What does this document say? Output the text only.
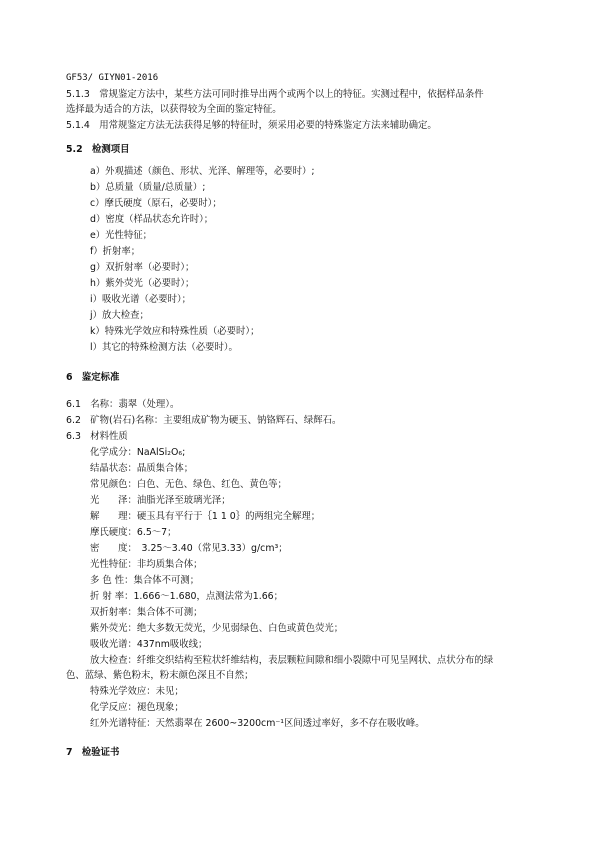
GF53/ GIYN01-2016
5.1.3　常规鉴定方法中，某些方法可同时推导出两个或两个以上的特征。实测过程中，依据样品条件
选择最为适合的方法，以获得较为全面的鉴定特征。
5.1.4　用常规鉴定方法无法获得足够的特征时，须采用必要的特殊鉴定方法来辅助确定。
5.2　检测项目
a）外观描述（颜色、形状、光泽、解理等，必要时）;
b）总质量（质量/总质量）;
c）摩氏硬度（原石，必要时）；
d）密度（样品状态允许时）；
e）光性特征；
f）折射率；
g）双折射率（必要时）；
h）紫外荧光（必要时）；
i）吸收光谱（必要时）；
j）放大检查；
k）特殊光学效应和特殊性质（必要时）；
l）其它的特殊检测方法（必要时）。
6　鉴定标准
6.1　名称：翡翠（处理）。
6.2　矿物(岩石)名称：主要组成矿物为硬玉、钠铬辉石、绿辉石。
6.3　材料性质
化学成分：NaAlSi₂O₆;
结晶状态：晶质集合体；
常见颜色：白色、无色、绿色、红色、黄色等；
光　　泽：油脂光泽至玻璃光泽；
解　　理：硬玉具有平行于｛1 1 0｝的两组完全解理；
摩氏硬度：6.5～7；
密　　度：　3.25～3.40（常见3.33）g/cm³；
光性特征：非均质集合体；
多 色 性：集合体不可测；
折 射 率：1.666～1.680，点测法常为1.66；
双折射率：集合体不可测；
紫外荧光：绝大多数无荧光，少见弱绿色、白色或黄色荧光；
吸收光谱：437nm吸收线；
放大检查：纤维交织结构至粒状纤维结构，表层颗粒间隙和细小裂隙中可见呈网状、点状分布的绿
色、蓝绿、紫色粉末，粉末颜色深且不自然；
特殊光学效应：未见；
化学反应：褪色现象；
红外光谱特征：天然翡翠在 2600~3200cm⁻¹区间透过率好，多不存在吸收峰。
7　检验证书
